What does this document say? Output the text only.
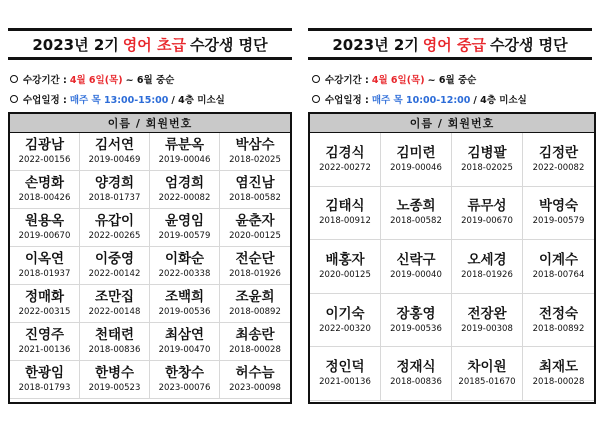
2023년 2기 영어 초급 수강생 명단
수강기간 : 4월 6일(목) ~ 6월 중순
수업일정 : 매주 목 13:00-15:00 / 4층 미소실
이름 / 회원번호
김광남
2022-00156
김서연
2019-00469
류분옥
2019-00046
박삼수
2018-02025
손명화
2018-00426
양경희
2018-01737
엄경희
2022-00082
염진남
2018-00582
원용옥
2019-00670
유갑이
2022-00265
윤영임
2019-00579
윤춘자
2020-00125
이옥연
2018-01937
이중영
2022-00142
이화순
2022-00338
전순단
2018-01926
정매화
2022-00315
조만집
2022-00148
조백희
2019-00536
조윤희
2018-00892
진영주
2021-00136
천태련
2018-00836
최삼연
2019-00470
최송란
2018-00028
한광임
2018-01793
한병수
2019-00523
한창수
2023-00076
허수늠
2023-00098
2023년 2기 영어 중급 수강생 명단
수강기간 : 4월 6일(목) ~ 6월 중순
수업일정 : 매주 목 10:00-12:00 / 4층 미소실
이름 / 회원번호
김경식
2022-00272
김미련
2019-00046
김병팔
2018-02025
김정란
2022-00082
김태식
2018-00912
노종희
2018-00582
류무성
2019-00670
박영숙
2019-00579
배홍자
2020-00125
신락구
2019-00040
오세경
2018-01926
이계수
2018-00764
이기숙
2022-00320
장홍영
2019-00536
전장완
2019-00308
전정숙
2018-00892
정인덕
2021-00136
정재식
2018-00836
차이원
20185-01670
최재도
2018-00028
